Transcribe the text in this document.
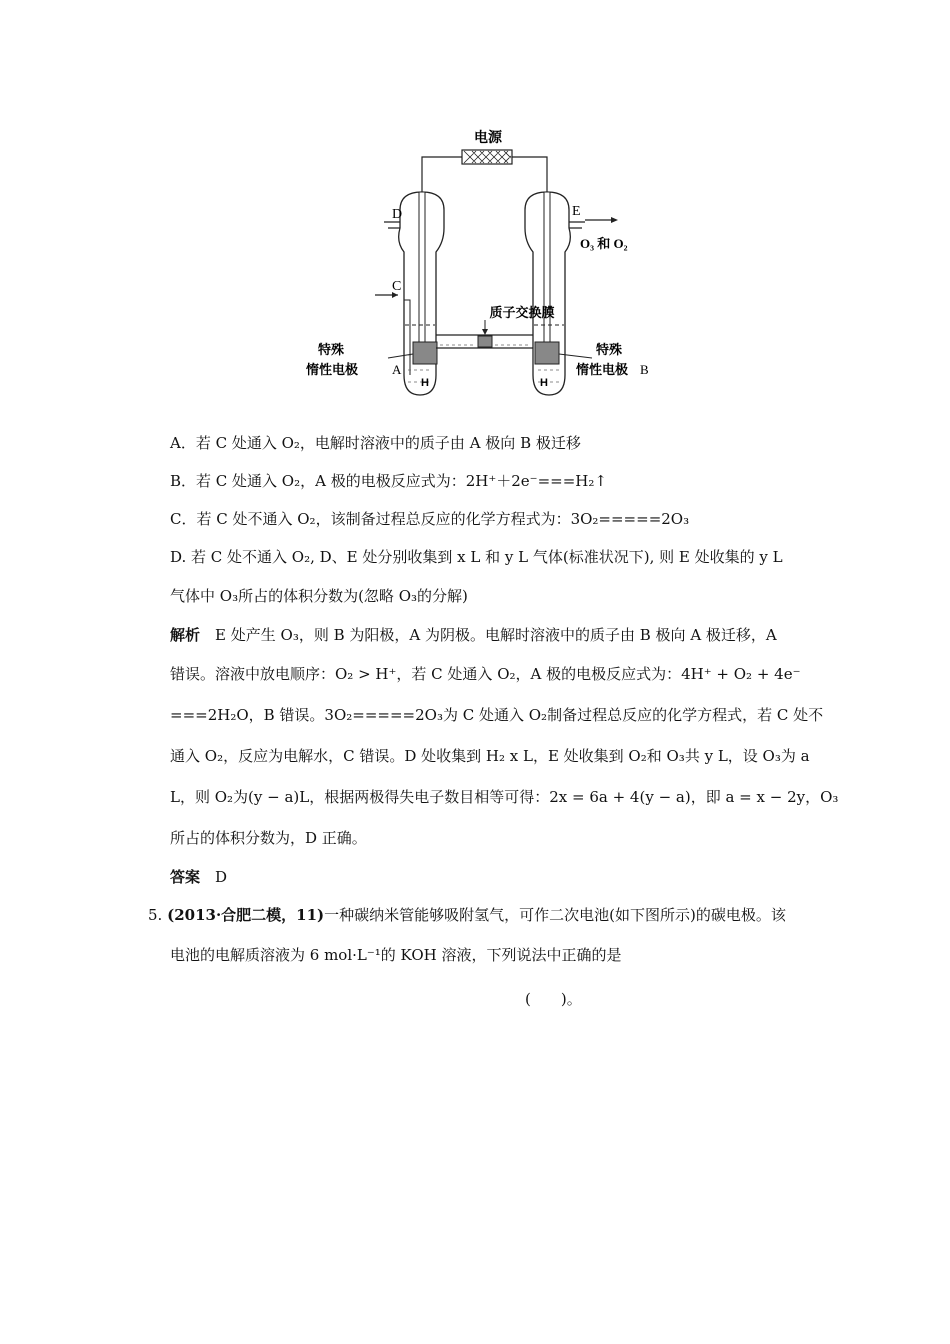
电源
D	E
O₃ 和 O₂
C
质子交换膜
特殊
惰性电极	A
特殊
惰性电极 B
H	H
A．若 C 处通入 O₂，电解时溶液中的质子由 A 极向 B 极迁移
B．若 C 处通入 O₂，A 极的电极反应式为：2H⁺＋2e⁻===H₂↑
C．若 C 处不通入 O₂，该制备过程总反应的化学方程式为：3O₂=====2O₃
D. 若 C 处不通入 O₂, D、E 处分别收集到 x L 和 y L 气体(标准状况下), 则 E 处收集的 y L
气体中 O₃所占的体积分数为(忽略 O₃的分解)
解析　 E 处产生 O₃，则 B 为阳极，A 为阴极。电解时溶液中的质子由 B 极向 A 极迁移，A
错误。溶液中放电顺序：O₂ > H⁺，若 C 处通入 O₂，A 极的电极反应式为：4H⁺ + O₂ + 4e⁻
===2H₂O，B 错误。3O₂=====2O₃为 C 处通入 O₂制备过程总反应的化学方程式，若 C 处不
通入 O₂，反应为电解水，C 错误。D 处收集到 H₂ x L，E 处收集到 O₂和 O₃共 y L，设 O₃为 a
L，则 O₂为(y − a)L，根据两极得失电子数目相等可得：2x = 6a + 4(y − a)，即 a = x − 2y，O₃
所占的体积分数为，D 正确。
答案　 D
5. (2013·合肥二模，11)一种碳纳米管能够吸附氢气，可作二次电池(如下图所示)的碳电极。该
电池的电解质溶液为 6 mol·L⁻¹的 KOH 溶液，下列说法中正确的是
(　　)。
